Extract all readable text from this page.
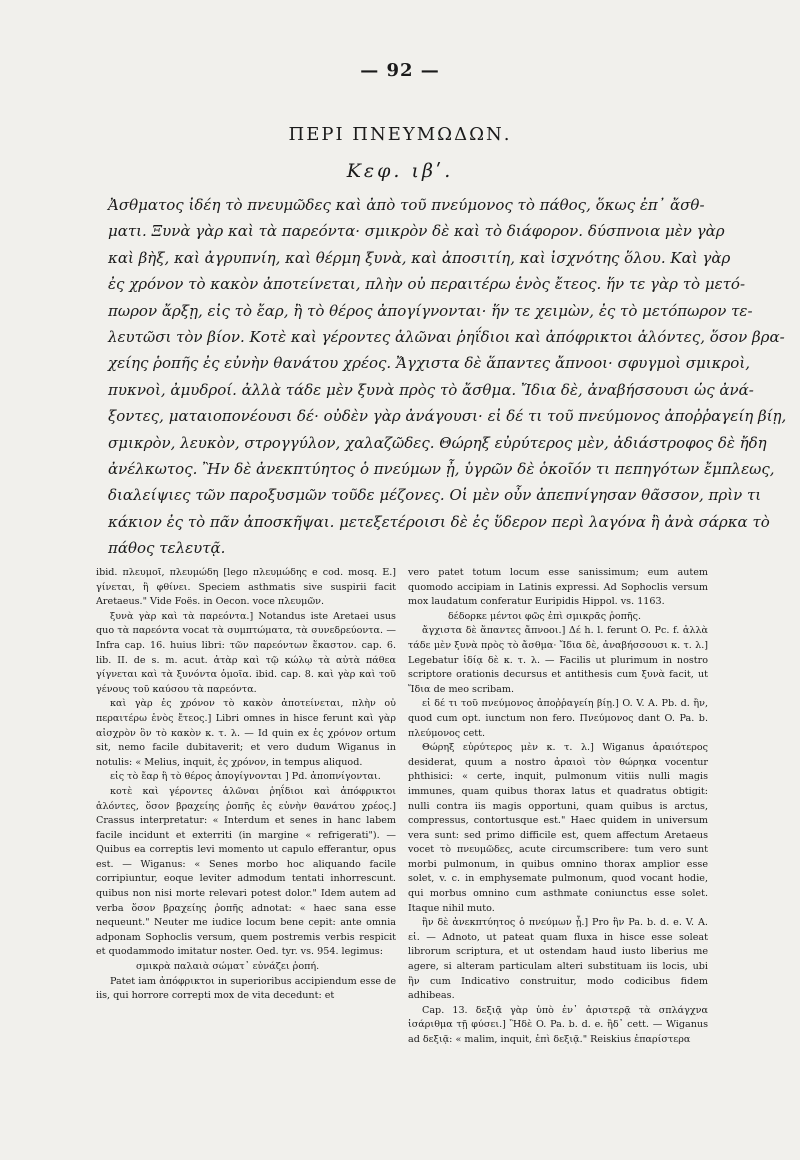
— 92 —
ΠΕΡΙ ΠΝΕΥΜΩΔΩΝ.
Κεφ. ιβʹ.
Ἀσθματος ἰδέη τὸ πνευμῶδες καὶ ἀπὸ τοῦ πνεύμονος τὸ πάθος, ὅκως ἐπ᾽ ἄσθ-
ματι. Ξυνὰ γὰρ καὶ τὰ παρεόντα· σμικρὸν δὲ καὶ τὸ διάφορον. δύσπνοια μὲν γὰρ
καὶ βὴξ, καὶ ἀγρυπνίη, καὶ θέρμη ξυνὰ, καὶ ἀποσιτίη, καὶ ἰσχνότης ὅλου. Καὶ γὰρ
ἐς χρόνον τὸ κακὸν ἀποτείνεται, πλὴν οὐ περαιτέρω ἑνὸς ἔτεος. ἥν τε γὰρ τὸ μετό-
πωρον ἄρξῃ, εἰς τὸ ἔαρ, ἢ τὸ θέρος ἀπογίγνονται· ἥν τε χειμὼν, ἐς τὸ μετόπωρον τε-
λευτῶσι τὸν βίον. Κοτὲ καὶ γέροντες ἁλῶναι ῥηΐδιοι καὶ ἀπόφρικτοι ἁλόντες, ὅσον βρα-
χείης ῥοπῆς ἐς εὐνὴν θανάτου χρέος. Ἄγχιστα δὲ ἅπαντες ἄπνοοι· σφυγμοὶ σμικροὶ,
πυκνοὶ, ἀμυδροί. ἀλλὰ τάδε μὲν ξυνὰ πρὸς τὸ ἄσθμα. Ἴδια δὲ, ἀναβήσσουσι ὡς ἀνά-
ξοντες, ματαιοπονέουσι δέ· οὐδὲν γὰρ ἀνάγουσι· εἰ δέ τι τοῦ πνεύμονος ἀποῤῥαγείη βίῃ,
σμικρὸν, λευκὸν, στρογγύλον, χαλαζῶδες. Θώρηξ εὐρύτερος μὲν, ἀδιάστροφος δὲ ἤδη
ἀνέλκωτος. Ἢν δὲ ἀνεκπτύητος ὁ πνεύμων ᾖ, ὑγρῶν δὲ ὁκοῖόν τι πεπηγότων ἔμπλεως,
διαλείψιες τῶν παροξυσμῶν τοῦδε μέζονες. Οἱ μὲν οὖν ἀπεπνίγησαν θᾶσσον, πρὶν τι
κάκιον ἐς τὸ πᾶν ἀποσκῆψαι. μετεξετέροισι δὲ ἐς ὕδερον περὶ λαγόνα ἢ ἀνὰ σάρκα τὸ
πάθος τελευτᾷ.

ibid. πλευμοῖ, πλευμώδη [lego πλευμώδης e cod. mosq. E.] γίνεται, ἢ φθίνει. Speciem asthmatis sive suspirii facit Aretaeus." Vide Foës. in Oecon. voce πλευμῶν.

ξυνὰ γὰρ καὶ τὰ παρεόντα.] Notandus iste Aretaei usus quo τὰ παρεόντα vocat τὰ συμπτώματα, τὰ συνεδρεύοντα. — Infra cap. 16. huius libri: τῶν παρεόντων ἕκαστον. cap. 6. lib. II. de s. m. acut. ἀτὰρ καὶ τῷ κώλῳ τὰ αὐτὰ πάθεα γίγνεται καὶ τὰ ξυνόντα ὁμοῖα. ibid. cap. 8. καὶ γὰρ καὶ τοῦ γένους τοῦ καύσου τὰ παρεόντα.

καὶ γὰρ ἐς χρόνον τὸ κακὸν ἀποτείνεται, πλὴν οὐ περαιτέρω ἑνὸς ἔτεος.] Libri omnes in hisce ferunt καὶ γὰρ αἰσχρὸν ὃν τὸ κακὸν κ. τ. λ. — Id quin ex ἐς χρόνον ortum sit, nemo facile dubitaverit; et vero dudum Wiganus in notulis: « Melius, inquit, ἐς χρόνον, in tempus aliquod.

εἰς τὸ ἔαρ ἢ τὸ θέρος ἀπογίγνονται ] Pd. ἀποπνίγονται.

κοτὲ καὶ γέροντες ἁλῶναι ῥηΐδιοι καὶ ἀπόφρικτοι ἁλόντες, ὅσον βραχείης ῥοπῆς ἐς εὐνὴν θανάτου χρέος.] Crassus interpretatur: « Interdum et senes in hanc labem facile incidunt et exterriti (in margine « refrigerati"). — Quibus ea correptis levi momento ut capulo efferantur, opus est. — Wiganus: « Senes morbo hoc aliquando facile corripiuntur, eoque leviter admodum tentati inhorrescunt. quibus non nisi morte relevari potest dolor." Idem autem ad verba ὅσον βραχείης ῥοπῆς adnotat: « haec sana esse nequeunt." Neuter me iudice locum bene cepit: ante omnia adponam Sophoclis versum, quem postremis verbis respicit et quodammodo imitatur noster. Oed. tyr. vs. 954. legimus:

σμικρὰ παλαιὰ σώματ᾽ εὐνάζει ῥοπή.

Patet iam ἀπόφρικτοι in superioribus accipiendum esse de iis, qui horrore correpti mox de vita decedunt: et

vero patet totum locum esse sanissimum; eum autem quomodo accipiam in Latinis expressi. Ad Sophoclis versum mox laudatum conferatur Euripidis Hippol. vs. 1163.

δέδορκε μέντοι φῶς ἐπὶ σμικρᾶς ῥοπῆς.

ἄγχιστα δὲ ἅπαντες ἄπνοοι.] Δέ h. l. ferunt O. Pc. f. ἀλλὰ τάδε μὲν ξυνὰ πρὸς τὸ ἄσθμα· Ἴδια δὲ, ἀναβήσσουσι κ. τ. λ.] Legebatur ἰδίᾳ δὲ κ. τ. λ. — Facilis ut plurimum in nostro scriptore orationis decursus et antithesis cum ξυνὰ facit, ut Ἴδια de meo scribam.

εἰ δέ τι τοῦ πνεύμονος ἀποῤῥαγείη βίῃ.] O. V. A. Pb. d. ἢν, quod cum opt. iunctum non fero. Πνεύμονος dant O. Pa. b. πλεύμονος cett.

Θώρηξ εὐρύτερος μὲν κ. τ. λ.] Wiganus ἀραιότερος desiderat, quum a nostro ἀραιοὶ τὸν θώρηκα vocentur phthisici: « certe, inquit, pulmonum vitiis nulli magis immunes, quam quibus thorax latus et quadratus obtigit: nulli contra iis magis opportuni, quam quibus is arctus, compressus, contortusque est." Haec quidem in universum vera sunt: sed primo difficile est, quem affectum Aretaeus vocet τὸ πνευμῶδες, acute circumscribere: tum vero sunt morbi pulmonum, in quibus omnino thorax amplior esse solet, v. c. in emphysemate pulmonum, quod vocant hodie, qui morbus omnino cum asthmate coniunctus esse solet. Itaque nihil muto.

ἢν δὲ ἀνεκπτύητος ὁ πνεύμων ᾖ.] Pro ἢν Pa. b. d. e. V. A. εἰ. — Adnoto, ut pateat quam fluxa in hisce esse soleat librorum scriptura, et ut ostendam haud iusto liberius me agere, si alteram particulam alteri substituam iis locis, ubi ἢν cum Indicativo construitur, modo codicibus fidem adhibeas.

Cap. 13. δεξιᾷ γὰρ ὑπὸ ἐν᾽ ἀριστερᾷ τὰ σπλάγχνα ἰσάριθμα τῇ φύσει.] Ἢδὲ O. Pa. b. d. e. ἢδ᾽ cett. — Wiganus ad δεξιᾷ: « malim, inquit, ἐπὶ δεξιᾷ." Reiskius ἐπαρίστερα
